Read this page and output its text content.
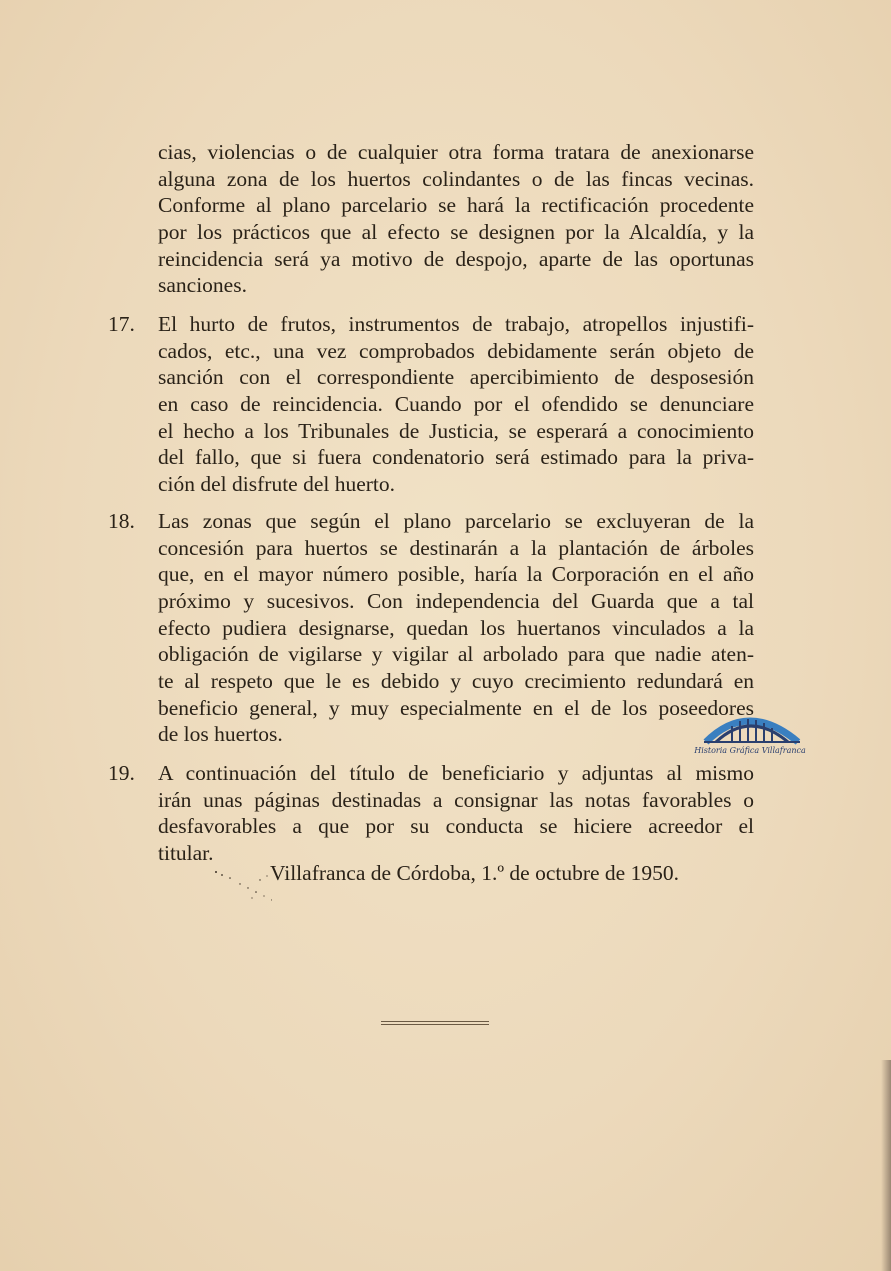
cias, violencias o de cualquier otra forma tratara de anexionarse
alguna zona de los huertos colindantes o de las fincas vecinas.
Conforme al plano parcelario se hará la rectificación procedente
por los prácticos que al efecto se designen por la Alcaldía, y la
reincidencia será ya motivo de despojo, aparte de las oportunas
sanciones.
17.	El hurto de frutos, instrumentos de trabajo, atropellos injustifi-
cados, etc., una vez comprobados debidamente serán objeto de
sanción con el correspondiente apercibimiento de desposesión
en caso de reincidencia. Cuando por el ofendido se denunciare
el hecho a los Tribunales de Justicia, se esperará a conocimiento
del fallo, que si fuera condenatorio será estimado para la priva-
ción del disfrute del huerto.
18.	Las zonas que según el plano parcelario se excluyeran de la
concesión para huertos se destinarán a la plantación de árboles
que, en el mayor número posible, haría la Corporación en el año
próximo y sucesivos. Con independencia del Guarda que a tal
efecto pudiera designarse, quedan los huertanos vinculados a la
obligación de vigilarse y vigilar al arbolado para que nadie aten-
te al respeto que le es debido y cuyo crecimiento redundará en
beneficio general, y muy especialmente en el de los poseedores
de los huertos.
19.	A continuación del título de beneficiario y adjuntas al mismo
irán unas páginas destinadas a consignar las notas favorables o
desfavorables a que por su conducta se hiciere acreedor el
titular.
Villafranca de Córdoba, 1.º de octubre de 1950.
Historia Gráfica Villafranca
